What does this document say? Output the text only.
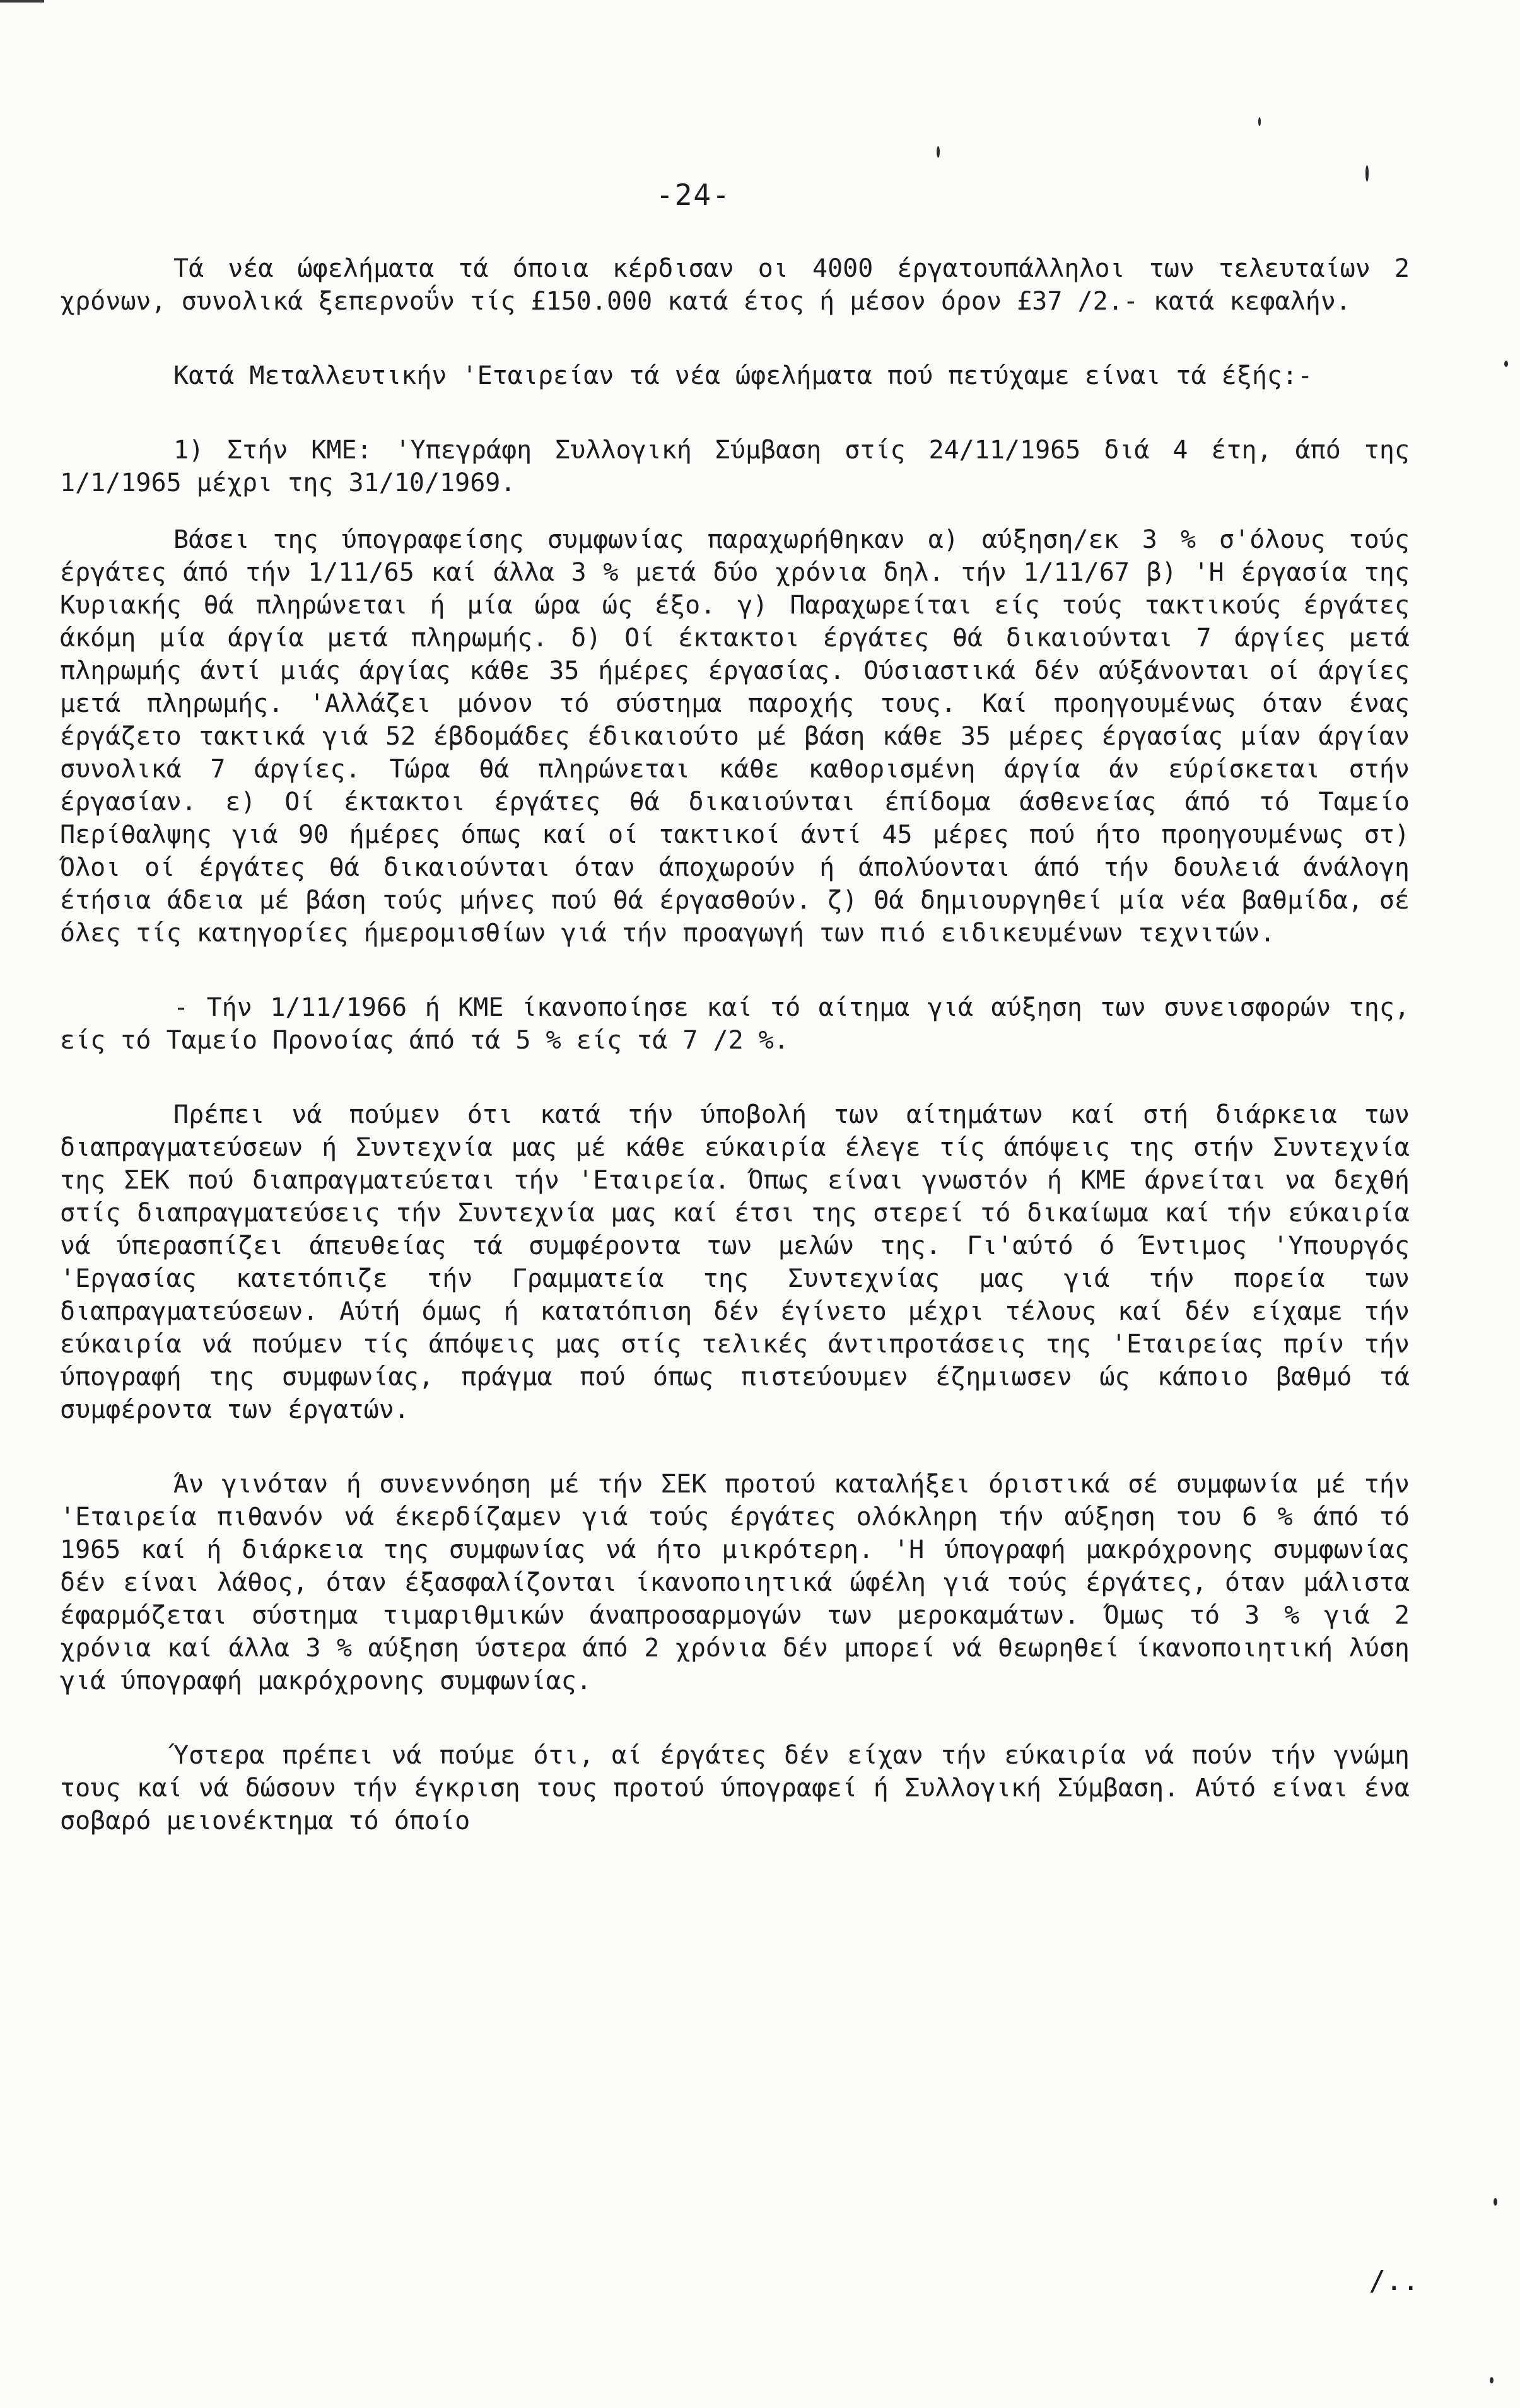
-24-

Τά νέα ώφελήματα τά όποια κέρδισαν οι 4000 έργατουπάλληλοι των τελευταίων 2 χρόνων, συνολικά ξεπερνοΰν τίς £150.000 κατά έτος ή μέσον όρον £37 /2.- κατά κεφαλήν.

Κατά Μεταλλευτικήν 'Εταιρείαν τά νέα ώφελήματα πού πετύχαμε είναι τά έξής:-

1) Στήν ΚΜΕ: 'Υπεγράφη Συλλογική Σύμβαση στίς 24/11/1965 διά 4 έτη, άπό της 1/1/1965 μέχρι της 31/10/1969.

Βάσει της ύπογραφείσης συμφωνίας παραχωρήθηκαν α) αύξηση/εκ 3 % σ'όλους τούς έργάτες άπό τήν 1/11/65 καί άλλα 3 % μετά δύο χρόνια δηλ. τήν 1/11/67 β) 'Η έργασία της Κυριακής θά πληρώνεται ή μία ώρα ώς έξο. γ) Παραχωρείται είς τούς τακτικούς έργάτες άκόμη μία άργία μετά πληρωμής. δ) Οί έκτακτοι έργάτες θά δικαιούνται 7 άργίες μετά πληρωμής άντί μιάς άργίας κάθε 35 ήμέρες έργασίας. Ούσιαστικά δέν αύξάνονται οί άργίες μετά πληρωμής. 'Αλλάζει μόνον τό σύστημα παροχής τους. Καί προηγουμένως όταν ένας έργάζετο τακτικά γιά 52 έβδομάδες έδικαιούτο μέ βάση κάθε 35 μέρες έργασίας μίαν άργίαν συνολικά 7 άργίες. Τώρα θά πληρώνεται κάθε καθορισμένη άργία άν εύρίσκεται στήν έργασίαν. ε) Οί έκτακτοι έργάτες θά δικαιούνται έπίδομα άσθενείας άπό τό Ταμείο Περίθαλψης γιά 90 ήμέρες όπως καί οί τακτικοί άντί 45 μέρες πού ήτο προηγουμένως στ) Όλοι οί έργάτες θά δικαιούνται όταν άποχωρούν ή άπολύονται άπό τήν δουλειά άνάλογη έτήσια άδεια μέ βάση τούς μήνες πού θά έργασθούν. ζ) Θά δημιουργηθεί μία νέα βαθμίδα, σέ όλες τίς κατηγορίες ήμερομισθίων γιά τήν προαγωγή των πιό ειδικευμένων τεχνιτών.

- Τήν 1/11/1966 ή ΚΜΕ ίκανοποίησε καί τό αίτημα γιά αύξηση των συνεισφορών της, είς τό Ταμείο Προνοίας άπό τά 5 % είς τά 7 /2 %.

Πρέπει νά πούμεν ότι κατά τήν ύποβολή των αίτημάτων καί στή διάρκεια των διαπραγματεύσεων ή Συντεχνία μας μέ κάθε εύκαιρία έλεγε τίς άπόψεις της στήν Συντεχνία της ΣΕΚ πού διαπραγματεύεται τήν 'Εταιρεία. Όπως είναι γνωστόν ή ΚΜΕ άρνείται να δεχθή στίς διαπραγματεύσεις τήν Συντεχνία μας καί έτσι της στερεί τό δικαίωμα καί τήν εύκαιρία νά ύπερασπίζει άπευθείας τά συμφέροντα των μελών της. Γι'αύτό ό Έντιμος 'Υπουργός 'Εργασίας κατετόπιζε τήν Γραμματεία της Συντεχνίας μας γιά τήν πορεία των διαπραγματεύσεων. Αύτή όμως ή κατατόπιση δέν έγίνετο μέχρι τέλους καί δέν είχαμε τήν εύκαιρία νά πούμεν τίς άπόψεις μας στίς τελικές άντιπροτάσεις της 'Εταιρείας πρίν τήν ύπογραφή της συμφωνίας, πράγμα πού όπως πιστεύουμεν έζημιωσεν ώς κάποιο βαθμό τά συμφέροντα των έργατών.

Άν γινόταν ή συνεννόηση μέ τήν ΣΕΚ προτού καταλήξει όριστικά σέ συμφωνία μέ τήν 'Εταιρεία πιθανόν νά έκερδίζαμεν γιά τούς έργάτες ολόκληρη τήν αύξηση του 6 % άπό τό 1965 καί ή διάρκεια της συμφωνίας νά ήτο μικρότερη. 'Η ύπογραφή μακρόχρονης συμφωνίας δέν είναι λάθος, όταν έξασφαλίζονται ίκανοποιητικά ώφέλη γιά τούς έργάτες, όταν μάλιστα έφαρμόζεται σύστημα τιμαριθμικών άναπροσαρμογών των μεροκαμάτων. Όμως τό 3 % γιά 2 χρόνια καί άλλα 3 % αύξηση ύστερα άπό 2 χρόνια δέν μπορεί νά θεωρηθεί ίκανοποιητική λύση γιά ύπογραφή μακρόχρονης συμφωνίας.

Ύστερα πρέπει νά πούμε ότι, αί έργάτες δέν είχαν τήν εύκαιρία νά πούν τήν γνώμη τους καί νά δώσουν τήν έγκριση τους προτού ύπογραφεί ή Συλλογική Σύμβαση. Αύτό είναι ένα σοβαρό μειονέκτημα τό όποίο

/..
